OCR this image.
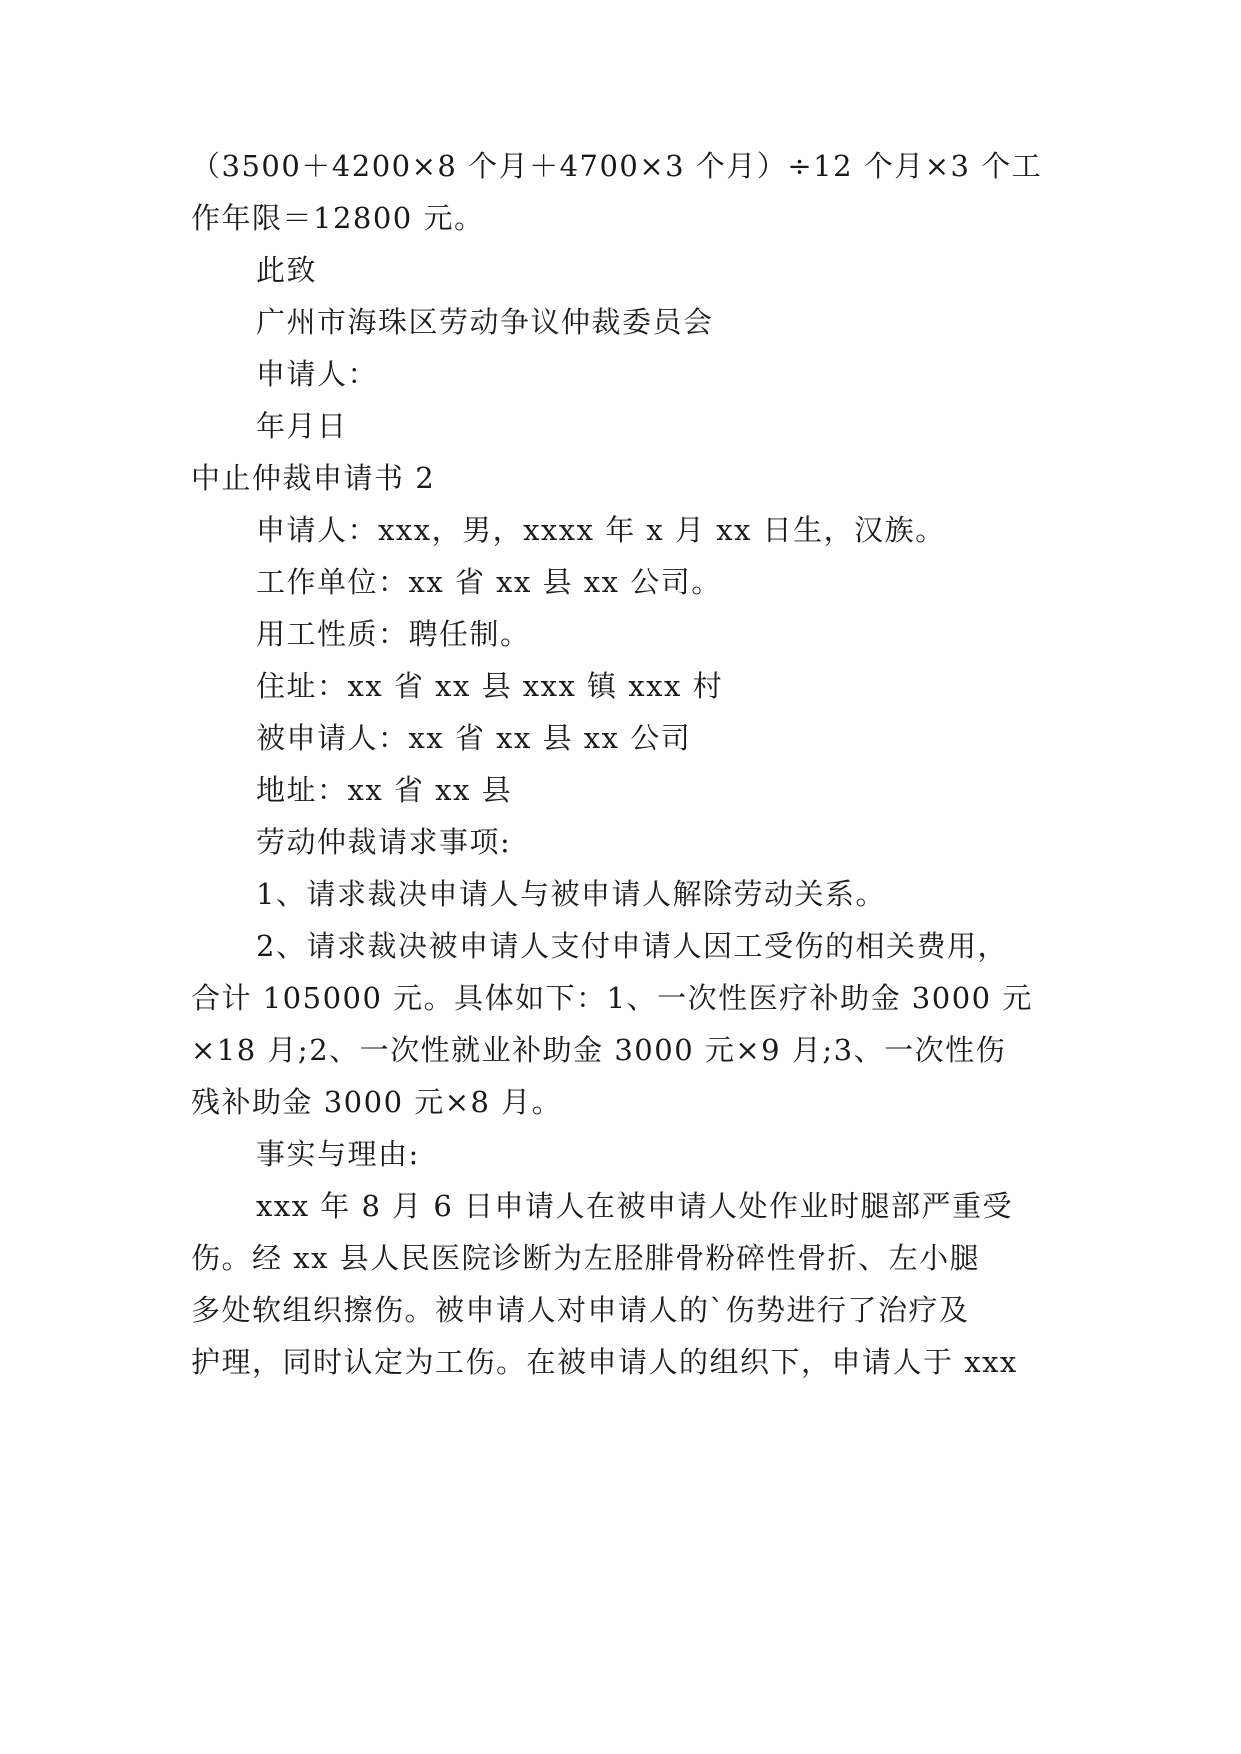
（3500＋4200×8 个月＋4700×3 个月）÷12 个月×3 个工
作年限＝12800 元。
此致
广州市海珠区劳动争议仲裁委员会
申请人：
年月日
中止仲裁申请书 2
申请人：xxx，男，xxxx 年 x 月 xx 日生，汉族。
工作单位：xx 省 xx 县 xx 公司。
用工性质：聘任制。
住址：xx 省 xx 县 xxx 镇 xxx 村
被申请人：xx 省 xx 县 xx 公司
地址：xx 省 xx 县
劳动仲裁请求事项:
1、请求裁决申请人与被申请人解除劳动关系。
2、请求裁决被申请人支付申请人因工受伤的相关费用，
合计 105000 元。具体如下：1、一次性医疗补助金 3000 元
×18 月;2、一次性就业补助金 3000 元×9 月;3、一次性伤
残补助金 3000 元×8 月。
事实与理由:
xxx 年 8 月 6 日申请人在被申请人处作业时腿部严重受
伤。经 xx 县人民医院诊断为左胫腓骨粉碎性骨折、左小腿
多处软组织擦伤。被申请人对申请人的`伤势进行了治疗及
护理，同时认定为工伤。在被申请人的组织下，申请人于 xxx
